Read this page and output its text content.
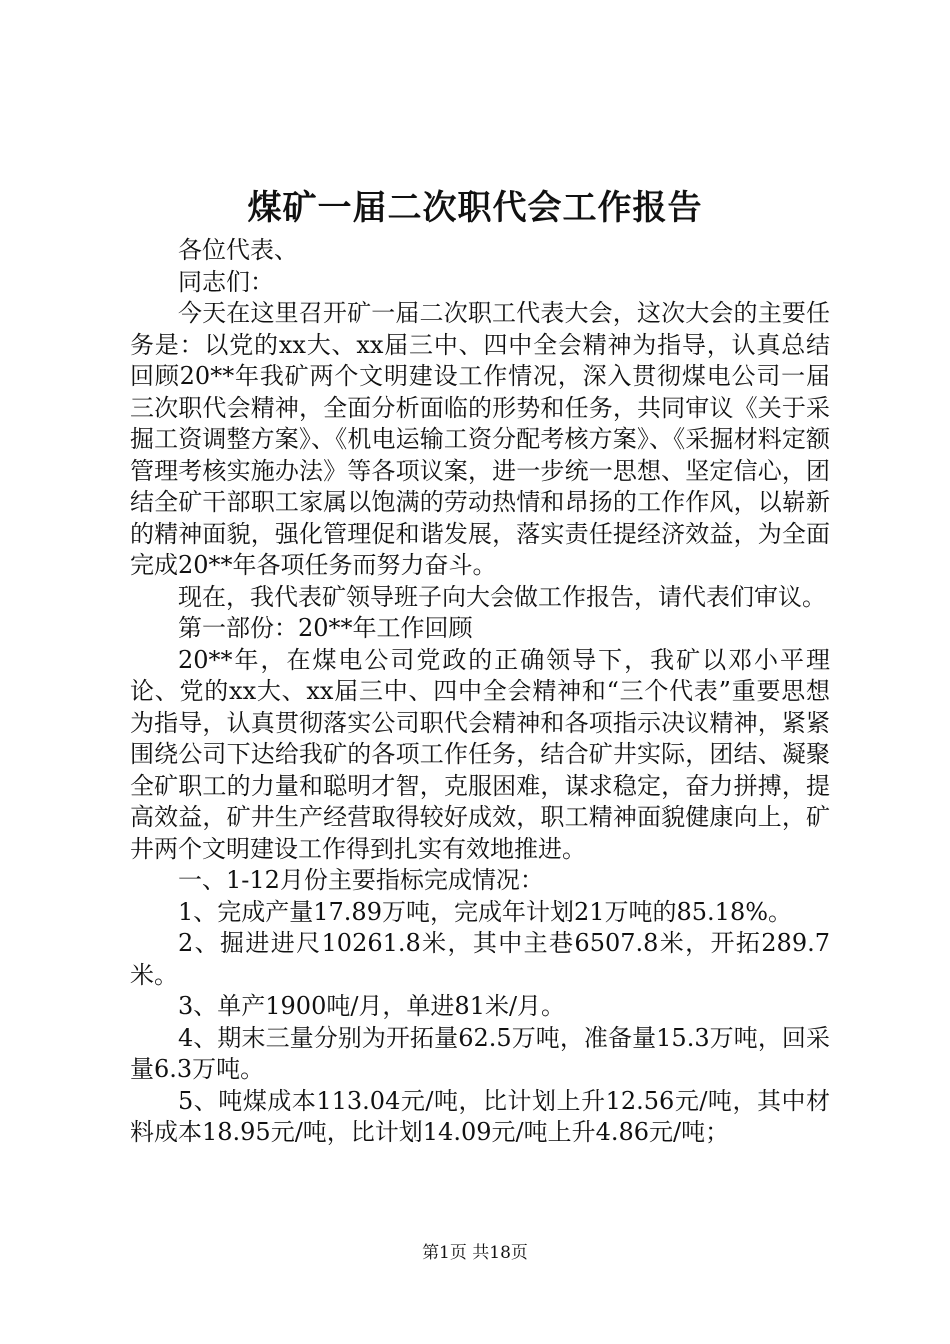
煤矿一届二次职代会工作报告

各位代表、

同志们：

今天在这里召开矿一届二次职工代表大会，这次大会的主要任务是：以党的xx大、xx届三中、四中全会精神为指导，认真总结回顾20**年我矿两个文明建设工作情况，深入贯彻煤电公司一届三次职代会精神，全面分析面临的形势和任务，共同审议《关于采掘工资调整方案》、《机电运输工资分配考核方案》、《采掘材料定额管理考核实施办法》等各项议案，进一步统一思想、坚定信心，团结全矿干部职工家属以饱满的劳动热情和昂扬的工作作风，以崭新的精神面貌，强化管理促和谐发展，落实责任提经济效益，为全面完成20**年各项任务而努力奋斗。

现在，我代表矿领导班子向大会做工作报告，请代表们审议。

第一部份：20**年工作回顾

20**年，在煤电公司党政的正确领导下，我矿以邓小平理论、党的xx大、xx届三中、四中全会精神和“三个代表”重要思想为指导，认真贯彻落实公司职代会精神和各项指示决议精神，紧紧围绕公司下达给我矿的各项工作任务，结合矿井实际，团结、凝聚全矿职工的力量和聪明才智，克服困难，谋求稳定，奋力拼搏，提高效益，矿井生产经营取得较好成效，职工精神面貌健康向上，矿井两个文明建设工作得到扎实有效地推进。

一、1-12月份主要指标完成情况：

1、完成产量17.89万吨，完成年计划21万吨的85.18%。

2、掘进进尺10261.8米，其中主巷6507.8米，开拓289.7米。

3、单产1900吨/月，单进81米/月。

4、期末三量分别为开拓量62.5万吨，准备量15.3万吨，回采量6.3万吨。

5、吨煤成本113.04元/吨，比计划上升12.56元/吨，其中材料成本18.95元/吨，比计划14.09元/吨上升4.86元/吨；

第1页 共18页
